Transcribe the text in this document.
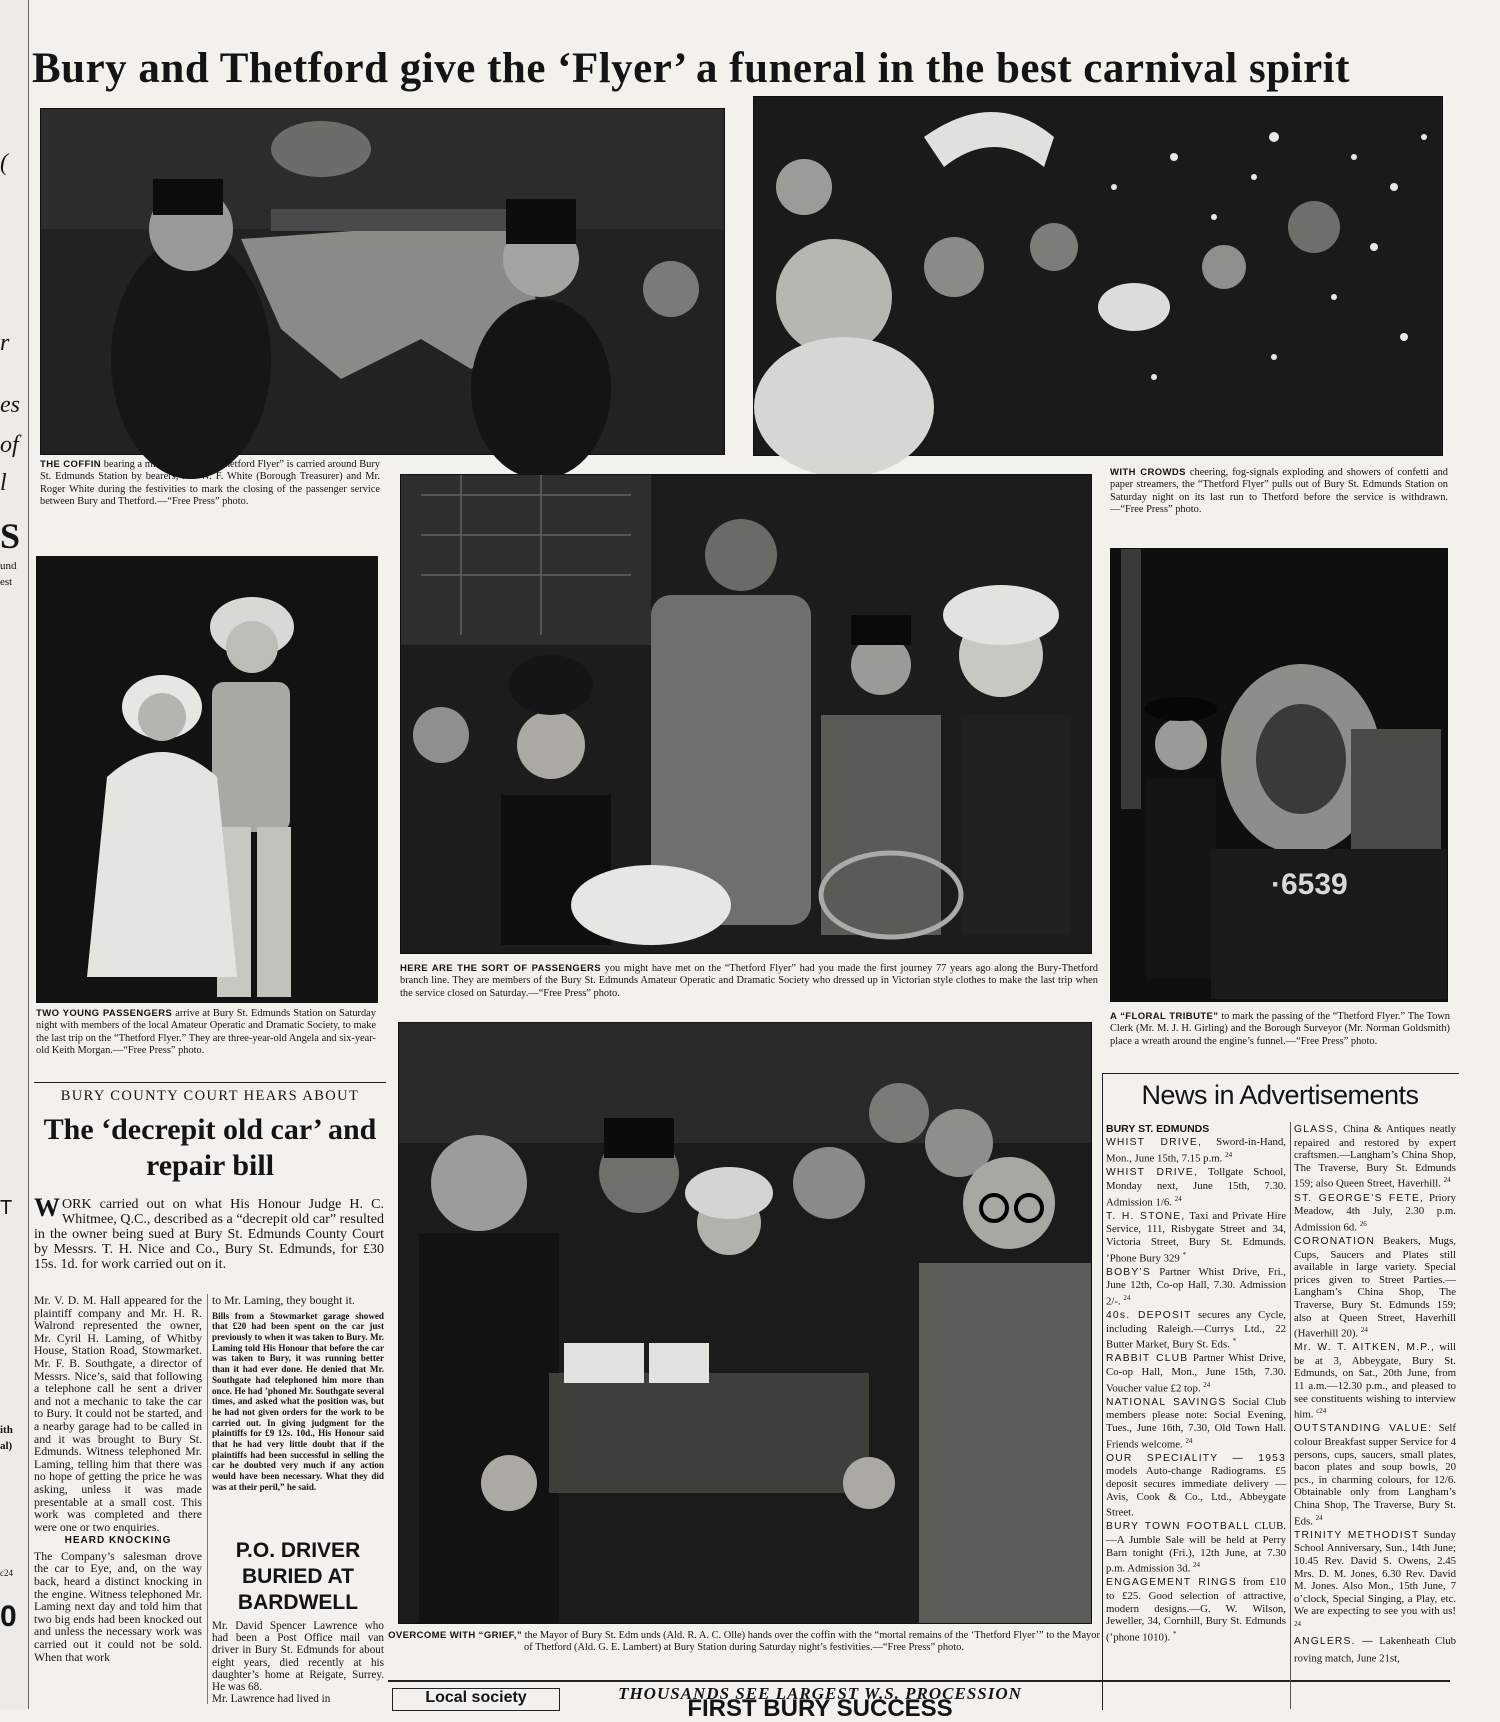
(
r
es
of
l
S
und
est
T
ith
al)
c24
0
Bury and Thetford give the ‘Flyer’ a funeral in the best carnival spirit
THE COFFIN bearing a miniature of the “Thetford Flyer” is carried around Bury St. Edmunds Station by bearers, Mr. W. F. White (Borough Treasurer) and Mr. Roger White during the festivities to mark the closing of the passenger service between Bury and Thetford.—“Free Press” photo.
WITH CROWDS cheering, fog-signals exploding and showers of confetti and paper streamers, the “Thetford Flyer” pulls out of Bury St. Edmunds Station on Saturday night on its last run to Thetford before the service is withdrawn.—“Free Press” photo.
TWO YOUNG PASSENGERS arrive at Bury St. Edmunds Station on Saturday night with members of the local Amateur Operatic and Dramatic Society, to make the last trip on the “Thetford Flyer.” They are three-year-old Angela and six-year-old Keith Morgan.—“Free Press” photo.
HERE ARE THE SORT OF PASSENGERS you might have met on the “Thetford Flyer” had you made the first journey 77 years ago along the Bury-Thetford branch line. They are members of the Bury St. Edmunds Amateur Operatic and Dramatic Society who dressed up in Victorian style clothes to make the last trip when the service closed on Saturday.—“Free Press” photo.
·6539
A “FLORAL TRIBUTE” to mark the passing of the “Thetford Flyer.” The Town Clerk (Mr. M. J. H. Girling) and the Borough Surveyor (Mr. Norman Goldsmith) place a wreath around the engine’s funnel.—“Free Press” photo.
OVERCOME WITH “GRIEF,” the Mayor of Bury St. Edm unds (Ald. R. A. C. Olle) hands over the coffin with the “mortal remains of the ‘Thetford Flyer’” to the Mayor of Thetford (Ald. G. E. Lambert) at Bury Station during Saturday night’s festivities.—“Free Press” photo.
BURY COUNTY COURT HEARS ABOUT
The ‘decrepit old car’ and repair bill
WORK carried out on what His Honour Judge H. C. Whitmee, Q.C., described as a “decrepit old car” resulted in the owner being sued at Bury St. Edmunds County Court by Messrs. T. H. Nice and Co., Bury St. Edmunds, for £30 15s. 1d. for work carried out on it.
Mr. V. D. M. Hall appeared for the plaintiff company and Mr. H. R. Walrond represented the owner, Mr. Cyril H. Laming, of Whitby House, Station Road, Stowmarket. Mr. F. B. Southgate, a director of Messrs. Nice’s, said that following a telephone call he sent a driver and not a mechanic to take the car to Bury. It could not be started, and a nearby garage had to be called in and it was brought to Bury St. Edmunds. Witness telephoned Mr. Laming, telling him that there was no hope of getting the price he was asking, unless it was made presentable at a small cost. This work was completed and there were one or two enquiries.
HEARD KNOCKING
The Company’s salesman drove the car to Eye, and, on the way back, heard a distinct knocking in the engine. Witness telephoned Mr. Laming next day and told him that two big ends had been knocked out and unless the necessary work was carried out it could not be sold. When that work
to Mr. Laming, they bought it.
Bills from a Stowmarket garage showed that £20 had been spent on the car just previously to when it was taken to Bury. Mr. Laming told His Honour that before the car was taken to Bury, it was running better than it had ever done. He denied that Mr. Southgate had telephoned him more than once. He had ’phoned Mr. Southgate several times, and asked what the position was, but he had not given orders for the work to be carried out. In giving judgment for the plaintiffs for £9 12s. 10d., His Honour said that he had very little doubt that if the plaintiffs had been successful in selling the car he doubted very much if any action would have been necessary. What they did was at their peril,” he said.
P.O. DRIVER BURIED AT BARDWELL
Mr. David Spencer Lawrence who had been a Post Office mail van driver in Bury St. Edmunds for about eight years, died recently at his daughter’s home at Reigate, Surrey. He was 68.
Mr. Lawrence had lived in	Local society	THOUSANDS SEE LARGEST W.S. PROCESSION
FIRST BURY SUCCESS
News in Advertisements
BURY ST. EDMUNDS

WHIST DRIVE, Sword-in-Hand, Mon., June 15th, 7.15 p.m. $^{24}$

WHIST DRIVE, Tollgate School, Monday next, June 15th, 7.30. Admission 1/6. $^{24}$

T. H. STONE, Taxi and Private Hire Service, 111, Risbygate Street and 34, Victoria Street, Bury St. Edmunds. ’Phone Bury 329 *

BOBY’S Partner Whist Drive, Fri., June 12th, Co-op Hall, 7.30. Admission 2/-. $^{24}$

40s. DEPOSIT secures any Cycle, including Raleigh.—Currys Ltd., 22 Butter Market, Bury St. Eds. *

RABBIT CLUB Partner Whist Drive, Co-op Hall, Mon., June 15th, 7.30. Voucher value £2 top. $^{24}$

NATIONAL SAVINGS Social Club members please note: Social Evening, Tues., June 16th, 7.30, Old Town Hall. Friends welcome. $^{24}$

OUR SPECIALITY — 1953 models Auto-change Radiograms. £5 deposit secures immediate delivery — Avis, Cook & Co., Ltd., Abbeygate Street.

BURY TOWN FOOTBALL CLUB.—A Jumble Sale will be held at Perry Barn tonight (Fri.), 12th June, at 7.30 p.m. Admission 3d. $^{24}$

ENGAGEMENT RINGS from £10 to £25. Good selection of attractive, modern designs.—G. W. Wilson, Jeweller, 34, Cornhill, Bury St. Edmunds (’phone 1010). *

GLASS, China & Antiques neatly repaired and restored by expert craftsmen.—Langham’s China Shop, The Traverse, Bury St. Edmunds 159; also Queen Street, Haverhill. $^{24}$

ST. GEORGE’S FETE, Priory Meadow, 4th July, 2.30 p.m. Admission 6d. $^{26}$

CORONATION Beakers, Mugs, Cups, Saucers and Plates still available in large variety. Special prices given to Street Parties.—Langham’s China Shop, The Traverse, Bury St. Edmunds 159; also at Queen Street, Haverhill (Haverhill 20). $^{24}$

Mr. W. T. AITKEN, M.P., will be at 3, Abbeygate, Bury St. Edmunds, on Sat., 20th June, from 11 a.m.—12.30 p.m., and pleased to see constituents wishing to interview him. $^{c24}$

OUTSTANDING VALUE: Self colour Breakfast supper Service for 4 persons, cups, saucers, small plates, bacon plates and soup bowls, 20 pcs., in charming colours, for 12/6. Obtainable only from Langham’s China Shop, The Traverse, Bury St. Eds. $^{24}$

TRINITY METHODIST Sunday School Anniversary, Sun., 14th June; 10.45 Rev. David S. Owens, 2.45 Mrs. D. M. Jones, 6.30 Rev. David M. Jones. Also Mon., 15th June, 7 o’clock, Special Singing, a Play, etc. We are expecting to see you with us! $^{24}$

ANGLERS. — Lakenheath Club roving match, June 21st,
